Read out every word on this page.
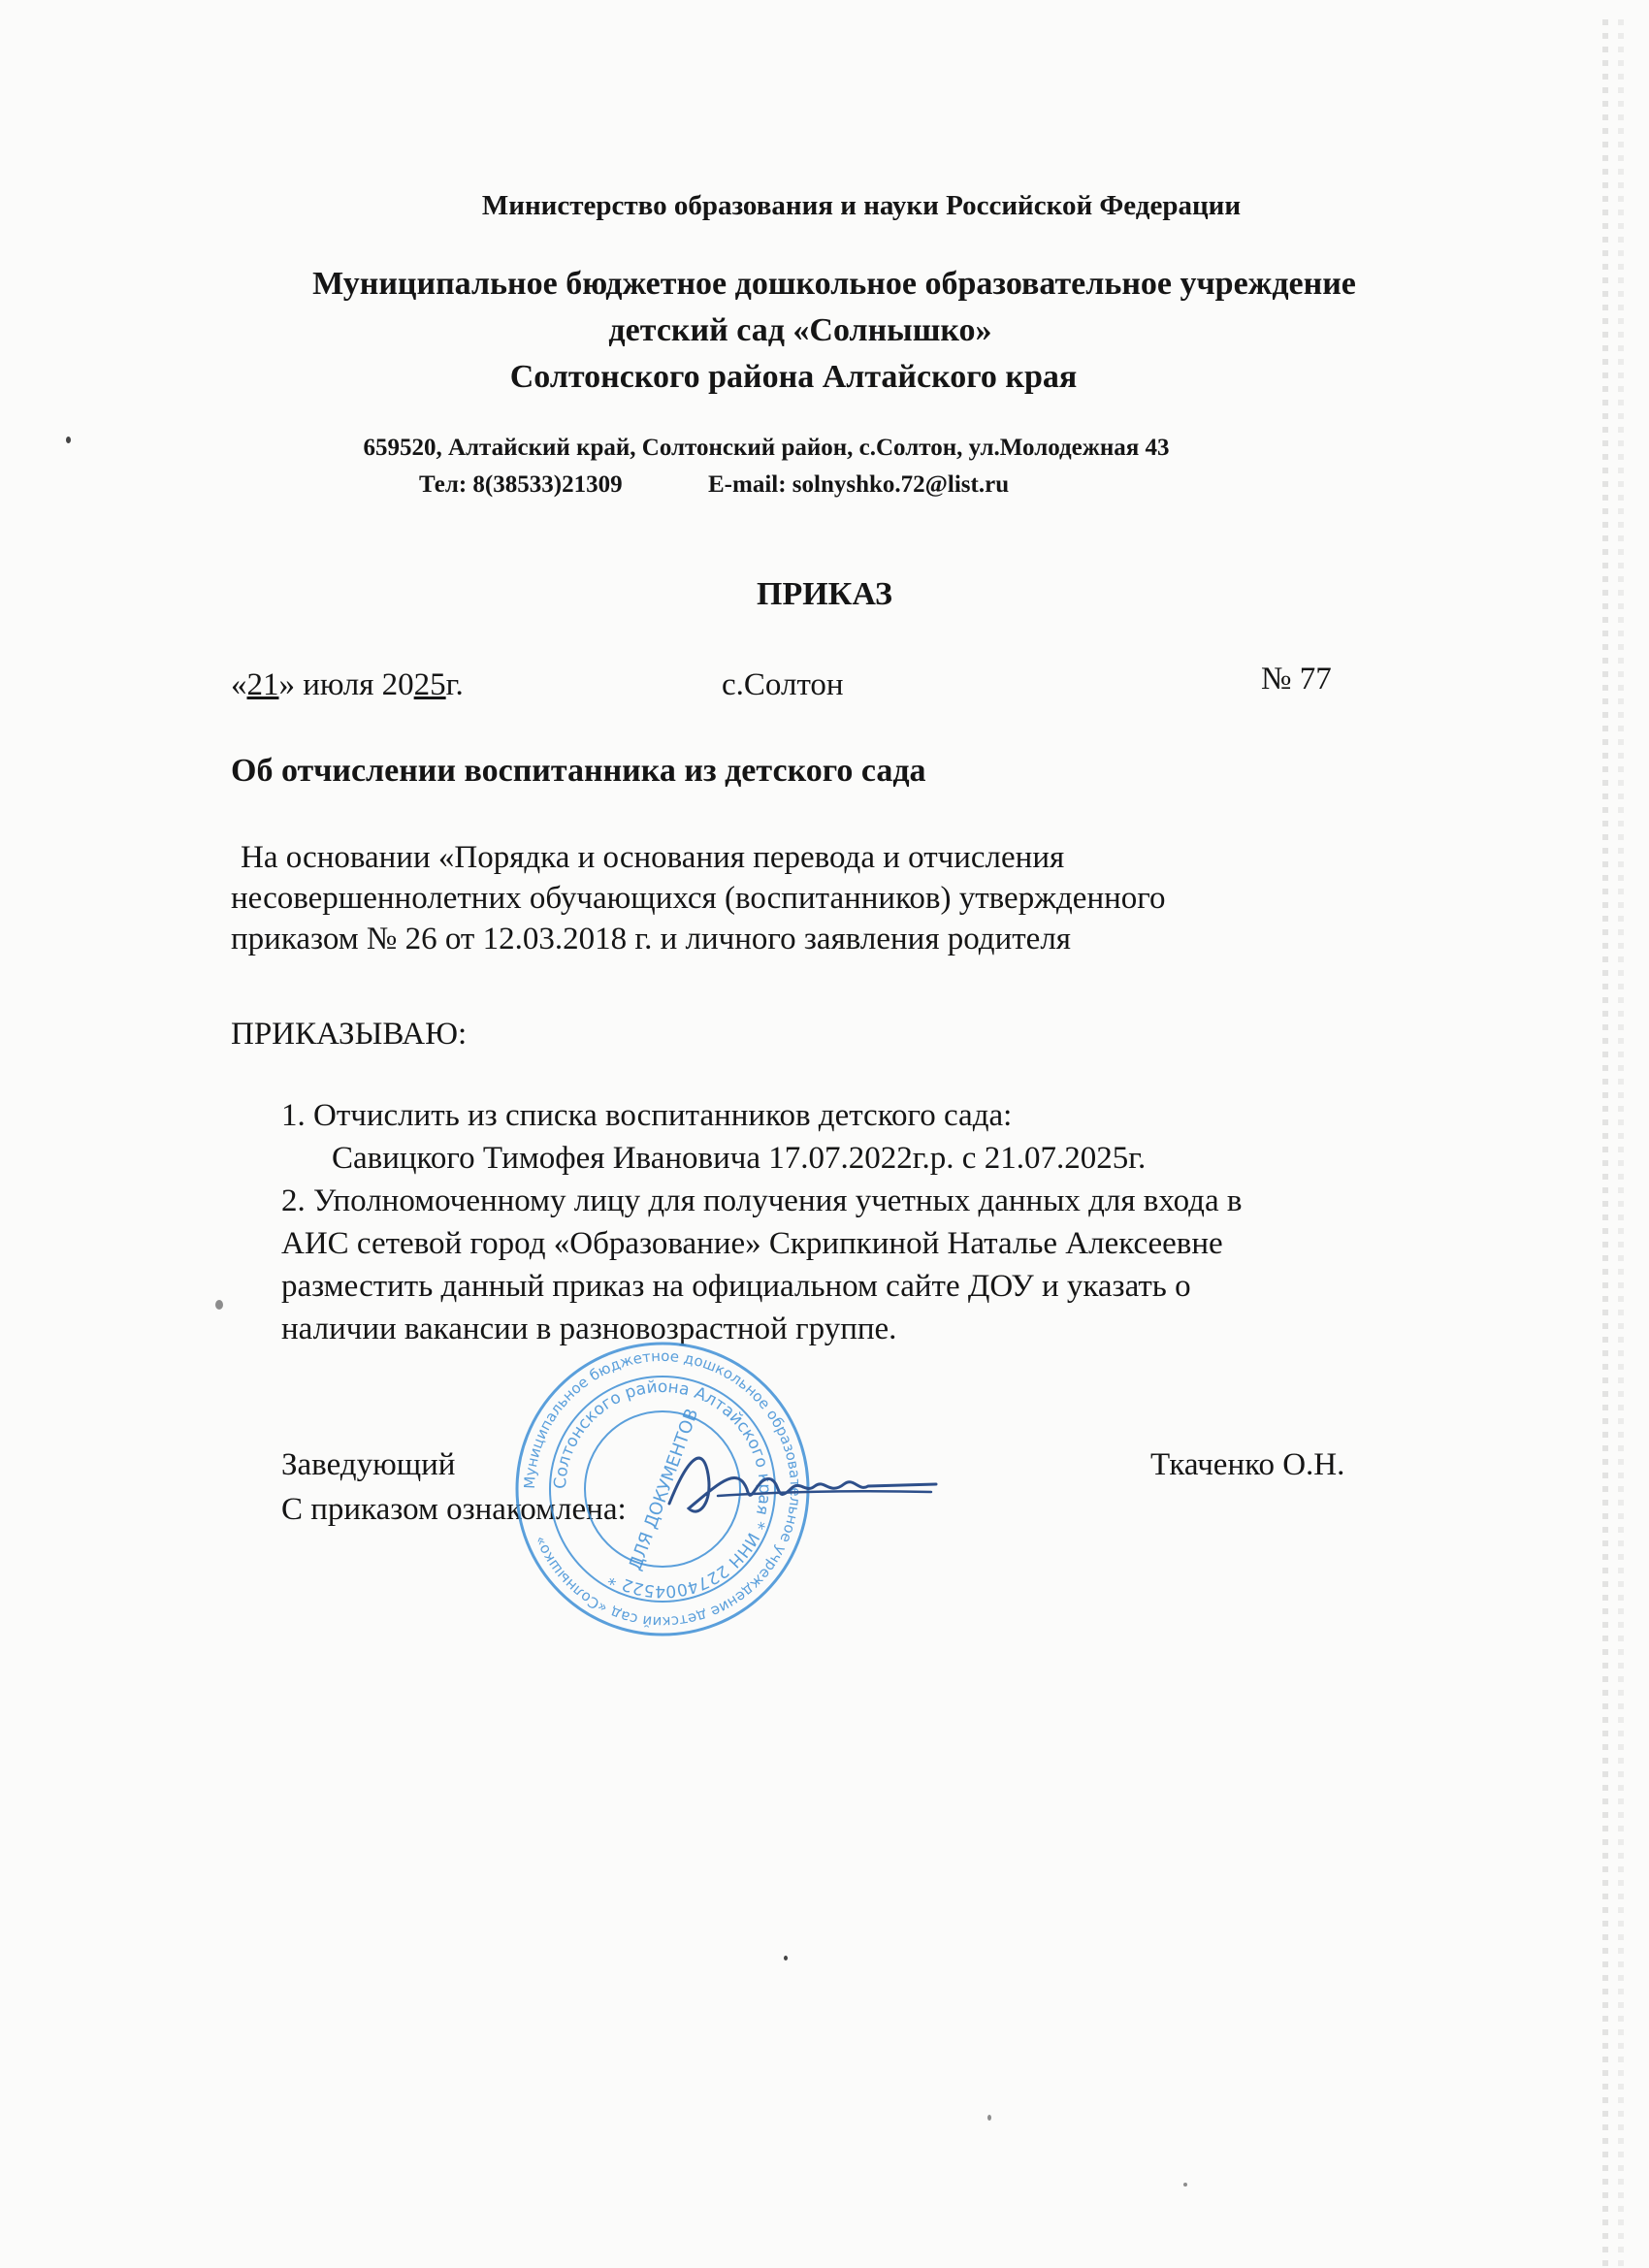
Министерство образования и науки Российской Федерации
Муниципальное бюджетное дошкольное образовательное учреждение
детский сад «Солнышко»
Солтонского района Алтайского края
659520, Алтайский край, Солтонский район, с.Солтон, ул.Молодежная 43
Тел: 8(38533)21309	E-mail: solnyshko.72@list.ru
ПРИКАЗ
«21» июля 2025г.	с.Солтон	№ 77
Об отчислении воспитанника из детского сада
На основании «Порядка и основания перевода и отчисления
несовершеннолетних обучающихся (воспитанников) утвержденного
приказом № 26 от 12.03.2018 г. и личного заявления родителя
ПРИКАЗЫВАЮ:
1. Отчислить из списка воспитанников детского сада:
Савицкого Тимофея Ивановича 17.07.2022г.р. с 21.07.2025г.
2. Уполномоченному лицу для получения учетных данных для входа в
АИС сетевой город «Образование» Скрипкиной Наталье Алексеевне
разместить данный приказ на официальном сайте ДОУ и указать о
наличии вакансии в разновозрастной группе.
Заведующий	Ткаченко О.Н.
С приказом ознакомлена:
Муниципальное бюджетное дошкольное образовательное учреждение детский сад «Солнышко»
Солтонского района Алтайского края * ИНН 2274004522 *
ДЛЯ ДОКУМЕНТОВ
